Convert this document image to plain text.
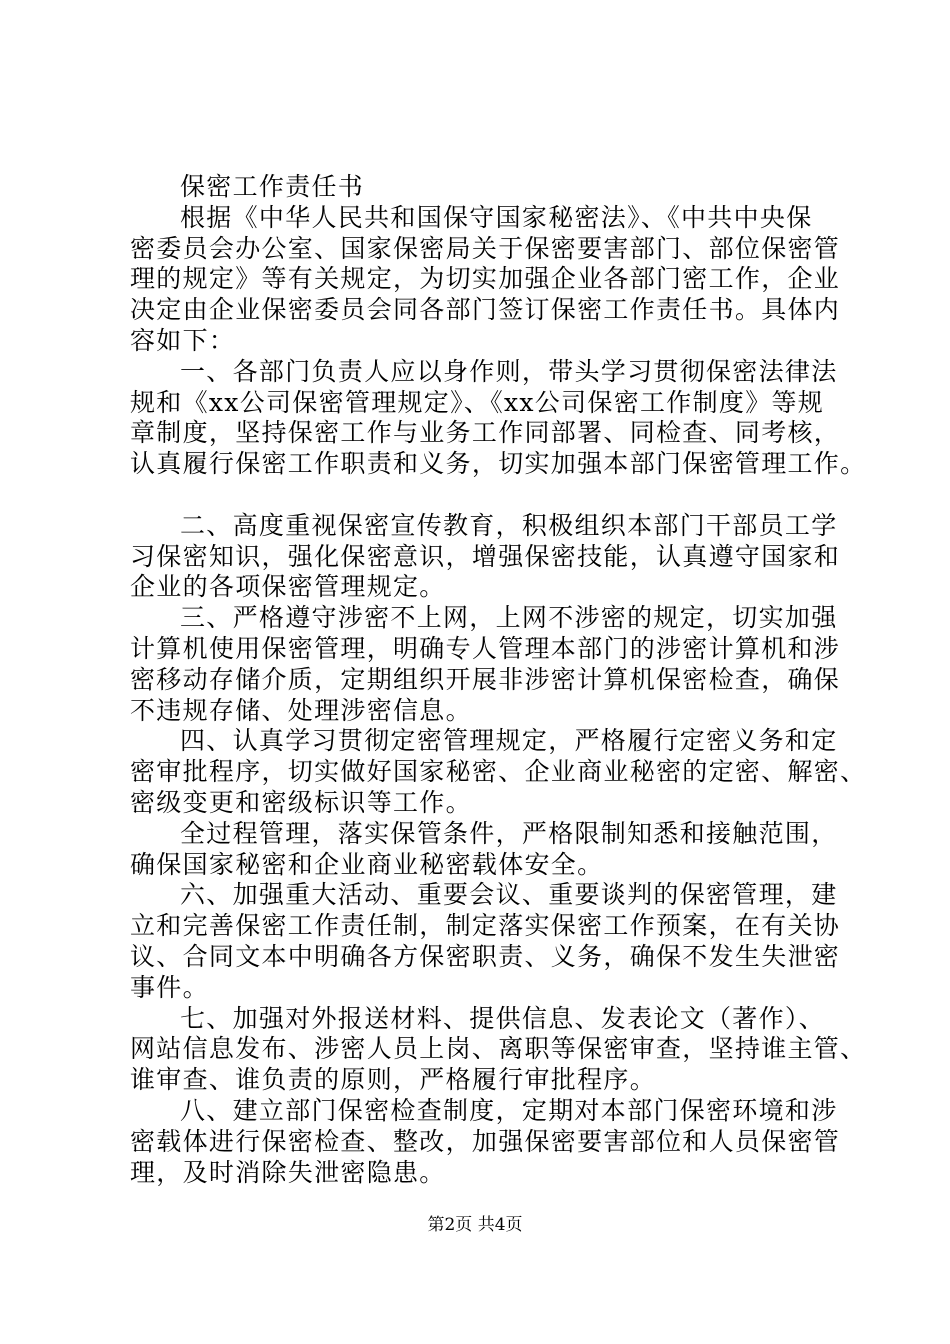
保密工作责任书
根据《中华人民共和国保守国家秘密法》、《中共中央保
密委员会办公室、国家保密局关于保密要害部门、部位保密管
理的规定》等有关规定，为切实加强企业各部门密工作，企业
决定由企业保密委员会同各部门签订保密工作责任书。具体内
容如下：
一、各部门负责人应以身作则，带头学习贯彻保密法律法
规和《xx公司保密管理规定》、《xx公司保密工作制度》等规
章制度，坚持保密工作与业务工作同部署、同检查、同考核，
认真履行保密工作职责和义务，切实加强本部门保密管理工作。
二、高度重视保密宣传教育，积极组织本部门干部员工学
习保密知识，强化保密意识，增强保密技能，认真遵守国家和
企业的各项保密管理规定。
三、严格遵守涉密不上网，上网不涉密的规定，切实加强
计算机使用保密管理，明确专人管理本部门的涉密计算机和涉
密移动存储介质，定期组织开展非涉密计算机保密检查，确保
不违规存储、处理涉密信息。
四、认真学习贯彻定密管理规定，严格履行定密义务和定
密审批程序，切实做好国家秘密、企业商业秘密的定密、解密、
密级变更和密级标识等工作。
全过程管理，落实保管条件，严格限制知悉和接触范围，
确保国家秘密和企业商业秘密载体安全。
六、加强重大活动、重要会议、重要谈判的保密管理，建
立和完善保密工作责任制，制定落实保密工作预案，在有关协
议、合同文本中明确各方保密职责、义务，确保不发生失泄密
事件。
七、加强对外报送材料、提供信息、发表论文（著作）、
网站信息发布、涉密人员上岗、离职等保密审查，坚持谁主管、
谁审查、谁负责的原则，严格履行审批程序。
八、建立部门保密检查制度，定期对本部门保密环境和涉
密载体进行保密检查、整改，加强保密要害部位和人员保密管
理，及时消除失泄密隐患。
第2页 共4页
